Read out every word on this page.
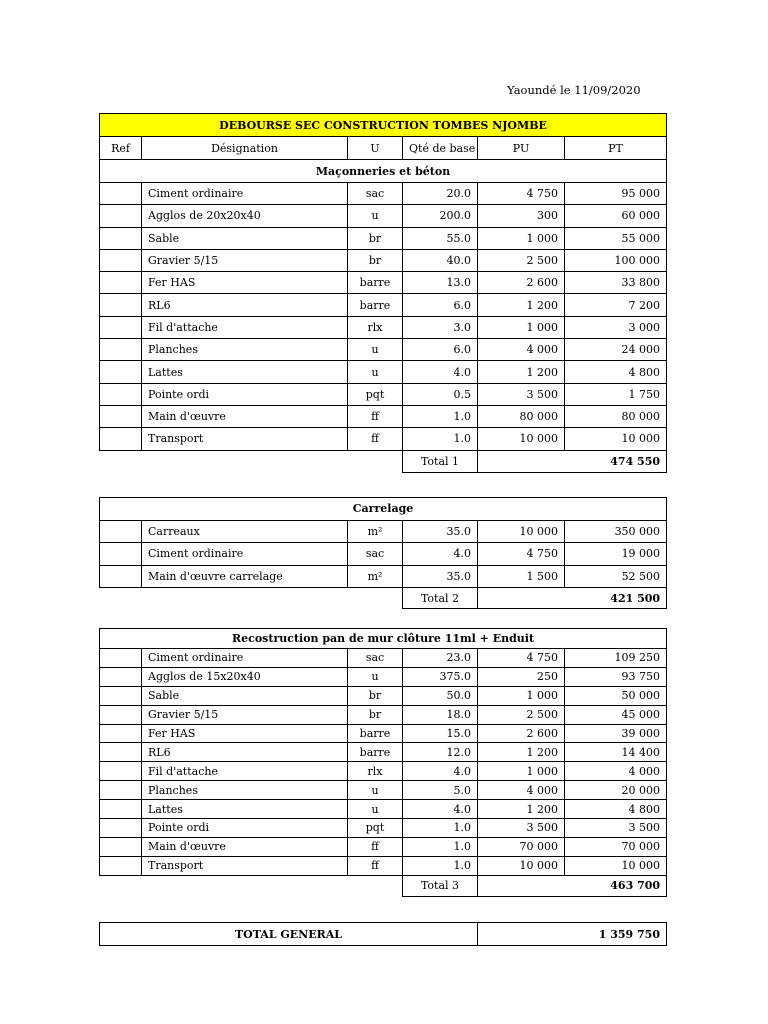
Yaoundé le 11/09/2020
DEBOURSE SEC CONSTRUCTION TOMBES NJOMBE					
Ref	Désignation	U	Qté de base	PU	PT
Maçonneries et béton					
	Ciment ordinaire	sac	20.0	4 750	95 000
	Agglos de 20x20x40	u	200.0	300	60 000
	Sable	br	55.0	1 000	55 000
	Gravier 5/15	br	40.0	2 500	100 000
	Fer HAS	barre	13.0	2 600	33 800
	RL6	barre	6.0	1 200	7 200
	Fil d'attache	rlx	3.0	1 000	3 000
	Planches	u	6.0	4 000	24 000
	Lattes	u	4.0	1 200	4 800
	Pointe ordi	pqt	0.5	3 500	1 750
	Main d'œuvre	ff	1.0	80 000	80 000
	Transport	ff	1.0	10 000	10 000
			Total 1	474 550	
Carrelage					
	Carreaux	m²	35.0	10 000	350 000
	Ciment ordinaire	sac	4.0	4 750	19 000
	Main d'œuvre carrelage	m²	35.0	1 500	52 500
			Total 2	421 500	
Recostruction pan de mur clôture 11ml + Enduit					
	Ciment ordinaire	sac	23.0	4 750	109 250
	Agglos de 15x20x40	u	375.0	250	93 750
	Sable	br	50.0	1 000	50 000
	Gravier 5/15	br	18.0	2 500	45 000
	Fer HAS	barre	15.0	2 600	39 000
	RL6	barre	12.0	1 200	14 400
	Fil d'attache	rlx	4.0	1 000	4 000
	Planches	u	5.0	4 000	20 000
	Lattes	u	4.0	1 200	4 800
	Pointe ordi	pqt	1.0	3 500	3 500
	Main d'œuvre	ff	1.0	70 000	70 000
	Transport	ff	1.0	10 000	10 000
			Total 3	463 700	
TOTAL GENERAL	1 359 750
